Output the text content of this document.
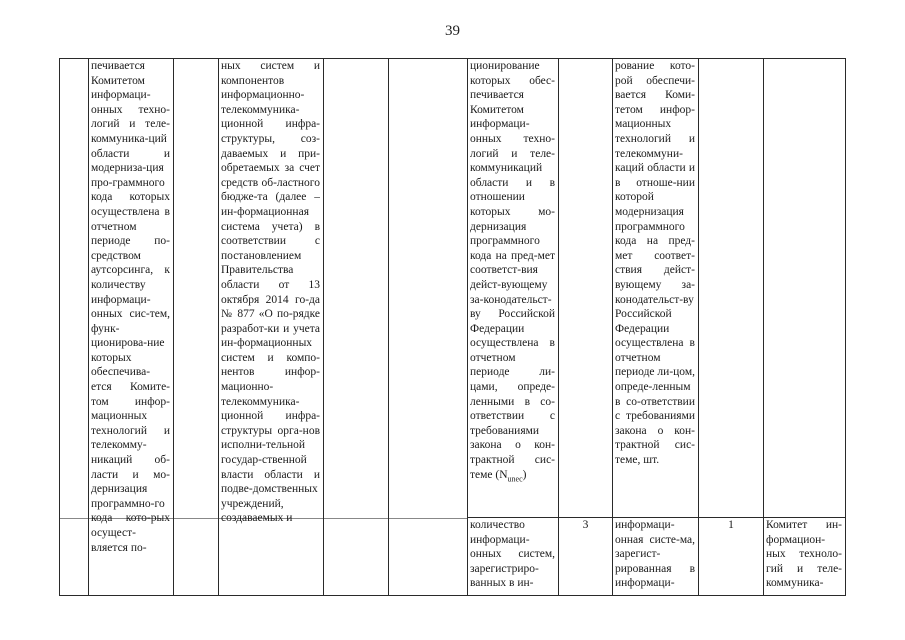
39

печивается Комитетом информаци-онных техно-логий и теле-коммуника-ций области и модерниза-ция про-граммного кода которых осуществлена в отчетном периоде по-средством аутсорсинга, к количеству информаци-онных сис-тем, функ-ционирова-ние которых обеспечива-ется Комите-том инфор-мационных технологий и телекомму-никаций об-ласти и мо-дернизация программно-го кода кото-рых осущест-вляется по-

ных систем и компонентов информационно-телекоммуника-ционной инфра-структуры, соз-даваемых и при-обретаемых за счет средств об-ластного бюдже-та (далее – ин-формационная система учета) в соответствии с постановлением Правительства области от 13 октября 2014 го-да № 877 «О по-рядке разработ-ки и учета ин-формационных систем и компо-нентов инфор-мационно-телекоммуника-ционной инфра-структуры орга-нов исполни-тельной государ-ственной власти области и подве-домственных учреждений, создаваемых и

ционирование которых обес-печивается Комитетом информаци-онных техно-логий и теле-коммуникаций области и в отношении которых мо-дернизация программного кода на пред-мет соответст-вия дейст-вующему за-конодательст-ву Российской Федерации осуществлена в отчетном периоде ли-цами, опреде-ленными в со-ответствии с требованиями закона о кон-трактной сис- теме $(N_{unec})$

рование кото-рой обеспечи-вается Коми-тетом инфор-мационных технологий и телекоммуни-каций области и в отноше-нии которой модернизация программного кода на пред-мет соответ-ствия дейст-вующему за-конодательст-ву Российской Федерации осуществлена в отчетном периоде ли-цом, опреде-ленным в со-ответствии с требованиями закона о кон-трактной сис-теме, шт.

количество информаци-онных систем, зарегистриро-ванных в ин-

3	информаци-онная систе-ма, зарегист-рированная в информаци-

1	Комитет ин-формацион-ных техноло-гий и теле-коммуника-
